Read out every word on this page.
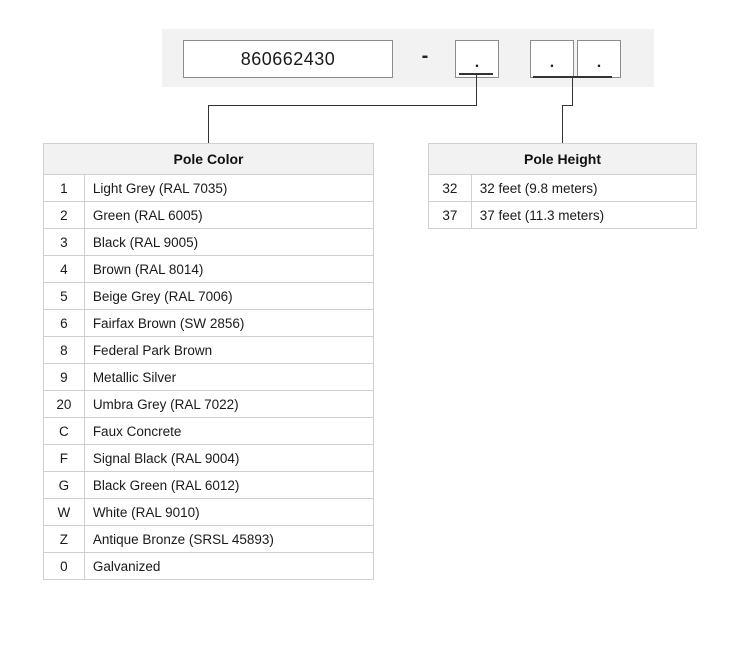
860662430	-	.	.	.
Pole Color	
1	Light Grey (RAL 7035)
2	Green (RAL 6005)
3	Black (RAL 9005)
4	Brown (RAL 8014)
5	Beige Grey (RAL 7006)
6	Fairfax Brown (SW 2856)
8	Federal Park Brown
9	Metallic Silver
20	Umbra Grey (RAL 7022)
C	Faux Concrete
F	Signal Black (RAL 9004)
G	Black Green (RAL 6012)
W	White (RAL 9010)
Z	Antique Bronze (SRSL 45893)
0	Galvanized
Pole Height	
32	32 feet (9.8 meters)
37	37 feet (11.3 meters)
